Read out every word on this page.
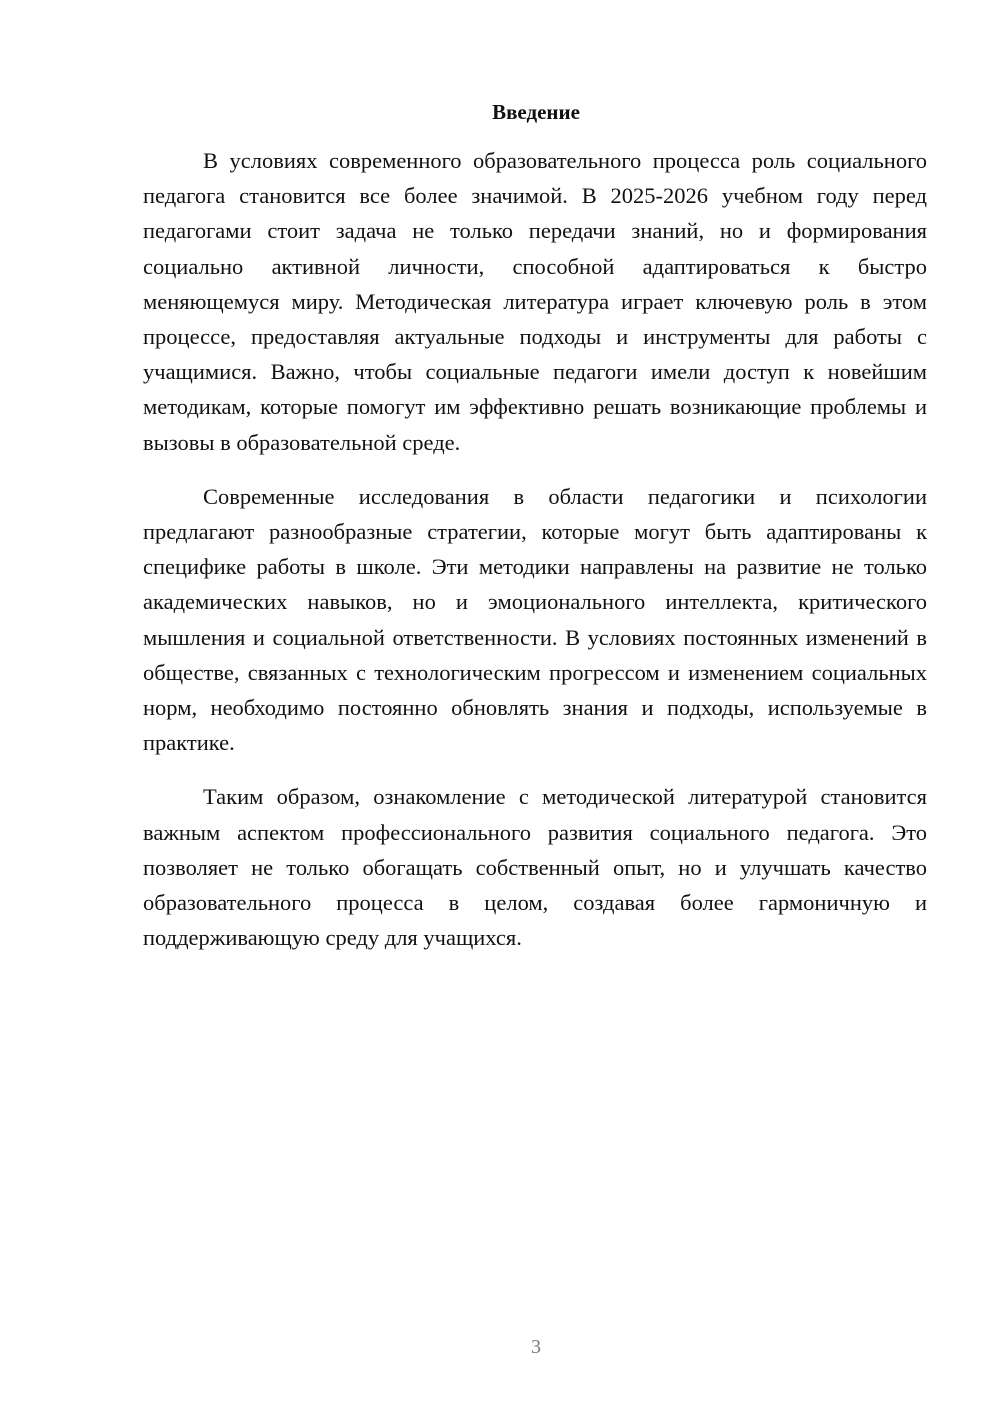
Введение

В условиях современного образовательного процесса роль социального педагога становится все более значимой. В 2025-2026 учебном году перед педагогами стоит задача не только передачи знаний, но и формирования социально активной личности, способной адаптироваться к быстро меняющемуся миру. Методическая литература играет ключевую роль в этом процессе, предоставляя актуальные подходы и инструменты для работы с учащимися. Важно, чтобы социальные педагоги имели доступ к новейшим методикам, которые помогут им эффективно решать возникающие проблемы и вызовы в образовательной среде.

Современные исследования в области педагогики и психологии предлагают разнообразные стратегии, которые могут быть адаптированы к специфике работы в школе. Эти методики направлены на развитие не только академических навыков, но и эмоционального интеллекта, критического мышления и социальной ответственности. В условиях постоянных изменений в обществе, связанных с технологическим прогрессом и изменением социальных норм, необходимо постоянно обновлять знания и подходы, используемые в практике.

Таким образом, ознакомление с методической литературой становится важным аспектом профессионального развития социального педагога. Это позволяет не только обогащать собственный опыт, но и улучшать качество образовательного процесса в целом, создавая более гармоничную и поддерживающую среду для учащихся.

3
